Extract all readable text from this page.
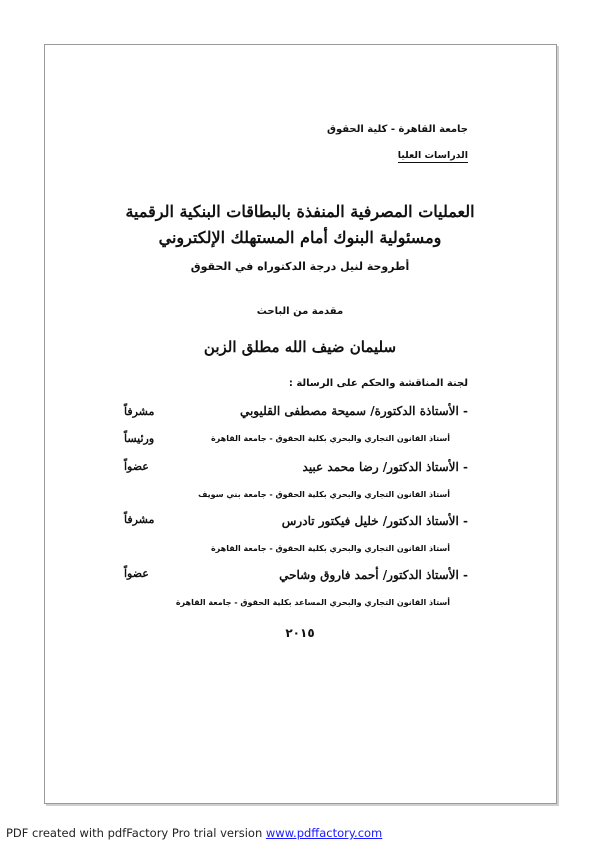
جامعة القاهرة - كلية الحقوق
الدراسات العليا
العمليات المصرفية المنفذة بالبطاقات البنكية الرقمية
ومسئولية البنوك أمام المستهلك الإلكتروني
أطروحة لنيل درجة الدكتوراه في الحقوق
مقدمة من الباحث
سليمان ضيف الله مطلق الزبن
لجنة المناقشة والحكم على الرسالة :
- الأستاذة الدكتورة/ سميحة مصطفى القليوبي
مشرفاً
أستاذ القانون التجاري والبحري بكلية الحقوق - جامعة القاهرة
ورئيساً
- الأستاذ الدكتور/ رضا محمد عبيد
عضواً
أستاذ القانون التجاري والبحري بكلية الحقوق - جامعة بني سويف
- الأستاذ الدكتور/ خليل فيكتور تادرس
مشرفاً
أستاذ القانون التجاري والبحري بكلية الحقوق - جامعة القاهرة
- الأستاذ الدكتور/ أحمد فاروق وشاحي
عضواً
أستاذ القانون التجاري والبحري المساعد بكلية الحقوق - جامعة القاهرة
٢٠١٥
PDF created with pdfFactory Pro trial version www.pdffactory.com
